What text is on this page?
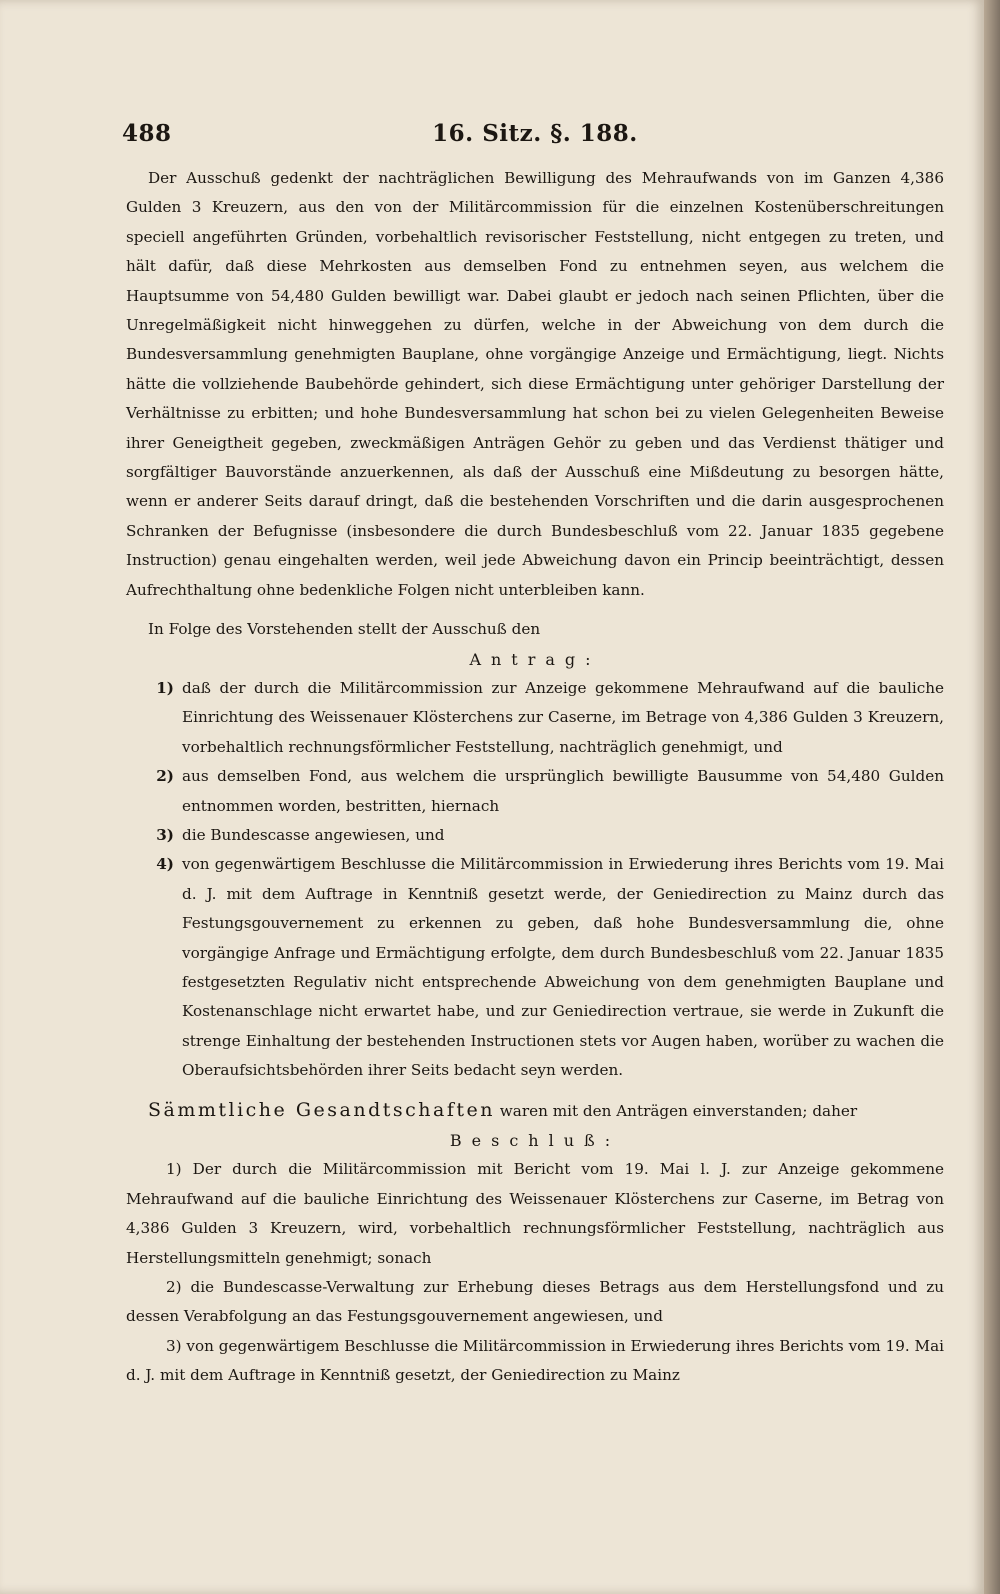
488	16. Sitz. §. 188.

Der Ausschuß gedenkt der nachträglichen Bewilligung des Mehraufwands von im Ganzen 4,386 Gulden 3 Kreuzern, aus den von der Militärcommission für die einzelnen Kostenüberschreitungen speciell angeführten Gründen, vorbehaltlich revisorischer Feststellung, nicht entgegen zu treten, und hält dafür, daß diese Mehrkosten aus demselben Fond zu entnehmen seyen, aus welchem die Hauptsumme von 54,480 Gulden bewilligt war. Dabei glaubt er jedoch nach seinen Pflichten, über die Unregelmäßigkeit nicht hinweggehen zu dürfen, welche in der Abweichung von dem durch die Bundesversammlung genehmigten Bauplane, ohne vorgängige Anzeige und Ermächtigung, liegt. Nichts hätte die vollziehende Baubehörde gehindert, sich diese Ermächtigung unter gehöriger Darstellung der Verhältnisse zu erbitten; und hohe Bundesversammlung hat schon bei zu vielen Gelegenheiten Beweise ihrer Geneigtheit gegeben, zweckmäßigen Anträgen Gehör zu geben und das Verdienst thätiger und sorgfältiger Bauvorstände anzuerkennen, als daß der Ausschuß eine Mißdeutung zu besorgen hätte, wenn er anderer Seits darauf dringt, daß die bestehenden Vorschriften und die darin ausgesprochenen Schranken der Befugnisse (insbesondere die durch Bundesbeschluß vom 22. Januar 1835 gegebene Instruction) genau eingehalten werden, weil jede Abweichung davon ein Princip beeinträchtigt, dessen Aufrechthaltung ohne bedenkliche Folgen nicht unterbleiben kann.

In Folge des Vorstehenden stellt der Ausschuß den

Antrag:
1) daß der durch die Militärcommission zur Anzeige gekommene Mehraufwand auf die bauliche Einrichtung des Weissenauer Klösterchens zur Caserne, im Betrage von 4,386 Gulden 3 Kreuzern, vorbehaltlich rechnungsförmlicher Feststellung, nachträglich genehmigt, und
2) aus demselben Fond, aus welchem die ursprünglich bewilligte Bausumme von 54,480 Gulden entnommen worden, bestritten, hiernach
3) die Bundescasse angewiesen, und
4) von gegenwärtigem Beschlusse die Militärcommission in Erwiederung ihres Berichts vom 19. Mai d. J. mit dem Auftrage in Kenntniß gesetzt werde, der Geniedirection zu Mainz durch das Festungsgouvernement zu erkennen zu geben, daß hohe Bundesversammlung die, ohne vorgängige Anfrage und Ermächtigung erfolgte, dem durch Bundesbeschluß vom 22. Januar 1835 festgesetzten Regulativ nicht entsprechende Abweichung von dem genehmigten Bauplane und Kostenanschlage nicht erwartet habe, und zur Geniedirection vertraue, sie werde in Zukunft die strenge Einhaltung der bestehenden Instructionen stets vor Augen haben, worüber zu wachen die Oberaufsichtsbehörden ihrer Seits bedacht seyn werden.

Sämmtliche Gesandtschaften waren mit den Anträgen einverstanden; daher

Beschluß:

1) Der durch die Militärcommission mit Bericht vom 19. Mai l. J. zur Anzeige gekommene Mehraufwand auf die bauliche Einrichtung des Weissenauer Klösterchens zur Caserne, im Betrag von 4,386 Gulden 3 Kreuzern, wird, vorbehaltlich rechnungsförmlicher Feststellung, nachträglich aus Herstellungsmitteln genehmigt; sonach

2) die Bundescasse-Verwaltung zur Erhebung dieses Betrags aus dem Herstellungsfond und zu dessen Verabfolgung an das Festungsgouvernement angewiesen, und

3) von gegenwärtigem Beschlusse die Militärcommission in Erwiederung ihres Berichts vom 19. Mai d. J. mit dem Auftrage in Kenntniß gesetzt, der Geniedirection zu Mainz
